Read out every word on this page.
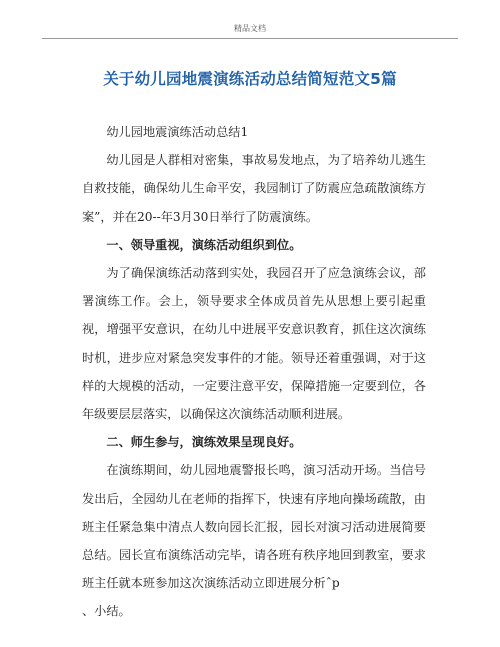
精品文档
关于幼儿园地震演练活动总结简短范文5篇

幼儿园地震演练活动总结1

幼儿园是人群相对密集，事故易发地点，为了培养幼儿逃生自救技能，确保幼儿生命平安，我园制订了防震应急疏散演练方案”，并在20--年3月30日举行了防震演练。

一、领导重视，演练活动组织到位。

为了确保演练活动落到实处，我园召开了应急演练会议，部署演练工作。会上，领导要求全体成员首先从思想上要引起重视，增强平安意识，在幼儿中进展平安意识教育，抓住这次演练时机，进步应对紧急突发事件的才能。领导还着重强调，对于这样的大规模的活动，一定要注意平安，保障措施一定要到位，各年级要层层落实，以确保这次演练活动顺利进展。

二、师生参与，演练效果呈现良好。

在演练期间，幼儿园地震警报长鸣，演习活动开场。当信号发出后，全园幼儿在老师的指挥下，快速有序地向操场疏散，由班主任紧急集中清点人数向园长汇报，园长对演习活动进展简要总结。园长宣布演练活动完毕，请各班有秩序地回到教室，要求班主任就本班参加这次演练活动立即进展分析ˆp

、小结。
